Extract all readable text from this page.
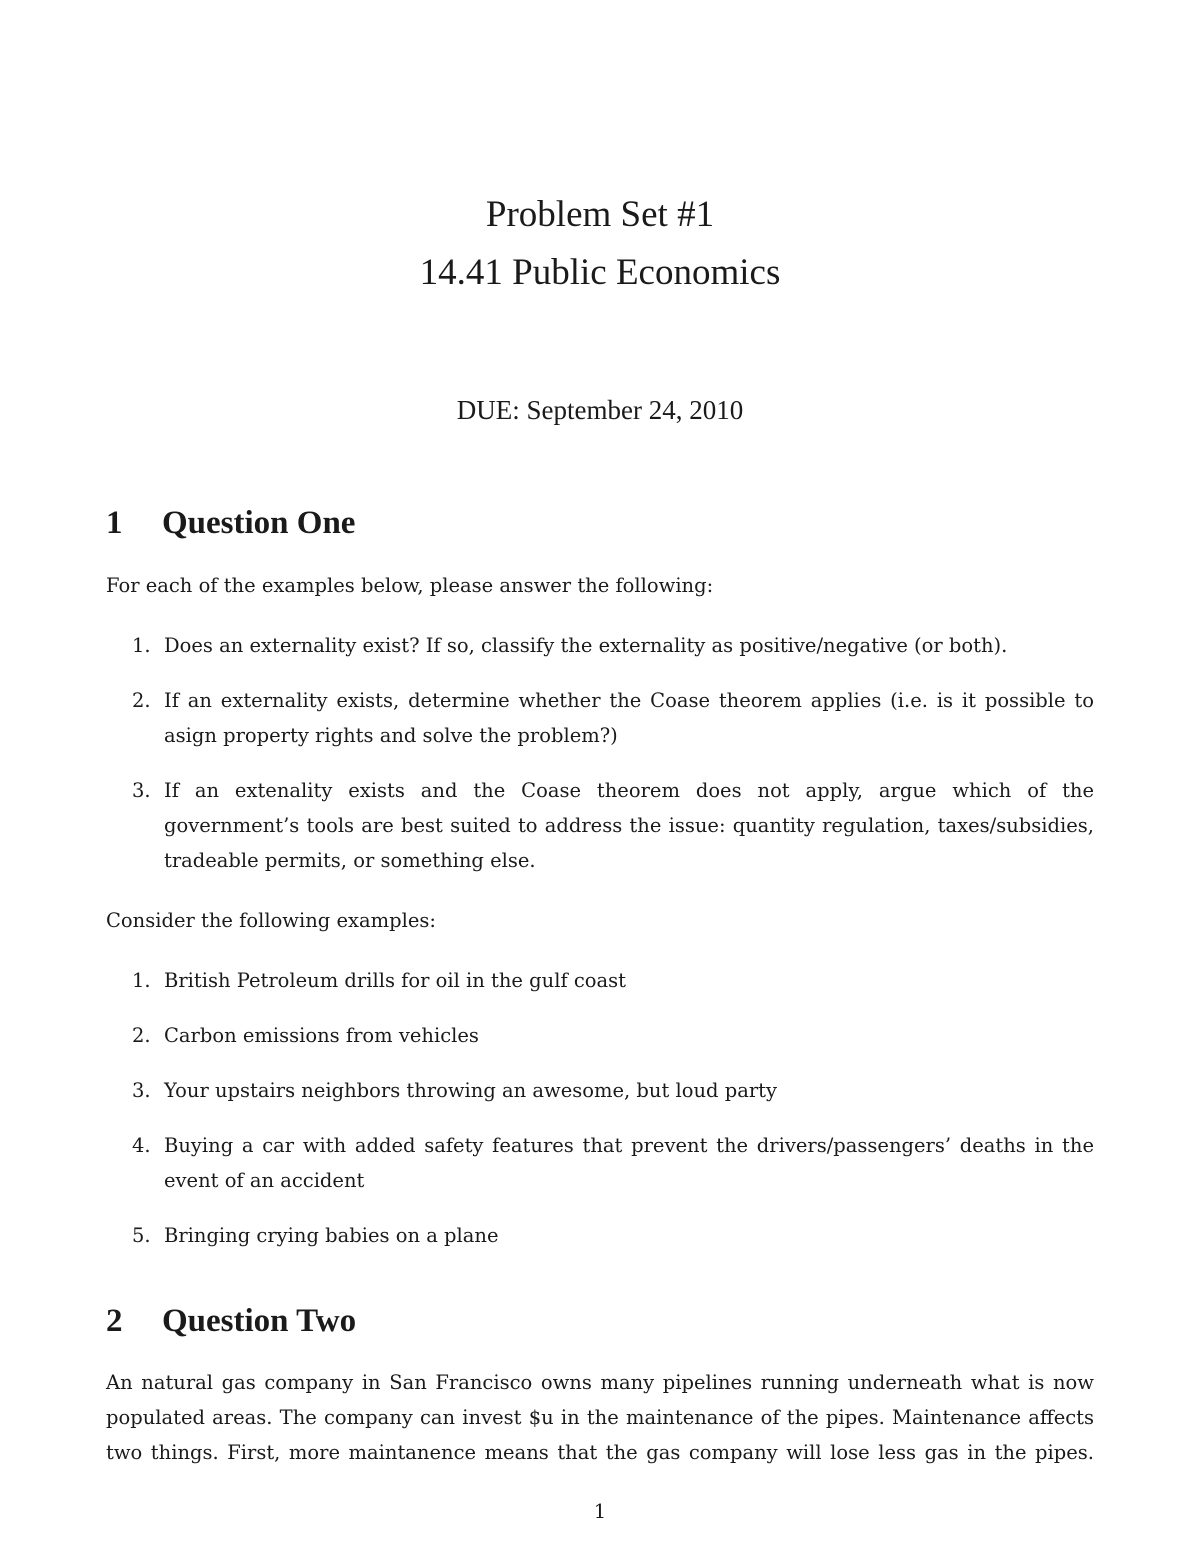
Problem Set #1
14.41 Public Economics
DUE: September 24, 2010
1 Question One
For each of the examples below, please answer the following:
1. Does an externality exist? If so, classify the externality as positive/negative (or both).
2. If an externality exists, determine whether the Coase theorem applies (i.e. is it possible to asign property rights and solve the problem?)
3. If an extenality exists and the Coase theorem does not apply, argue which of the government’s tools are best suited to address the issue: quantity regulation, taxes/subsidies, tradeable permits, or something else.
Consider the following examples:
1. British Petroleum drills for oil in the gulf coast
2. Carbon emissions from vehicles
3. Your upstairs neighbors throwing an awesome, but loud party
4. Buying a car with added safety features that prevent the drivers/passengers’ deaths in the event of an accident
5. Bringing crying babies on a plane
2 Question Two
An natural gas company in San Francisco owns many pipelines running underneath what is now populated areas. The company can invest $u in the maintenance of the pipes. Maintenance affects two things. First, more maintanence means that the gas company will lose less gas in the pipes.
1
